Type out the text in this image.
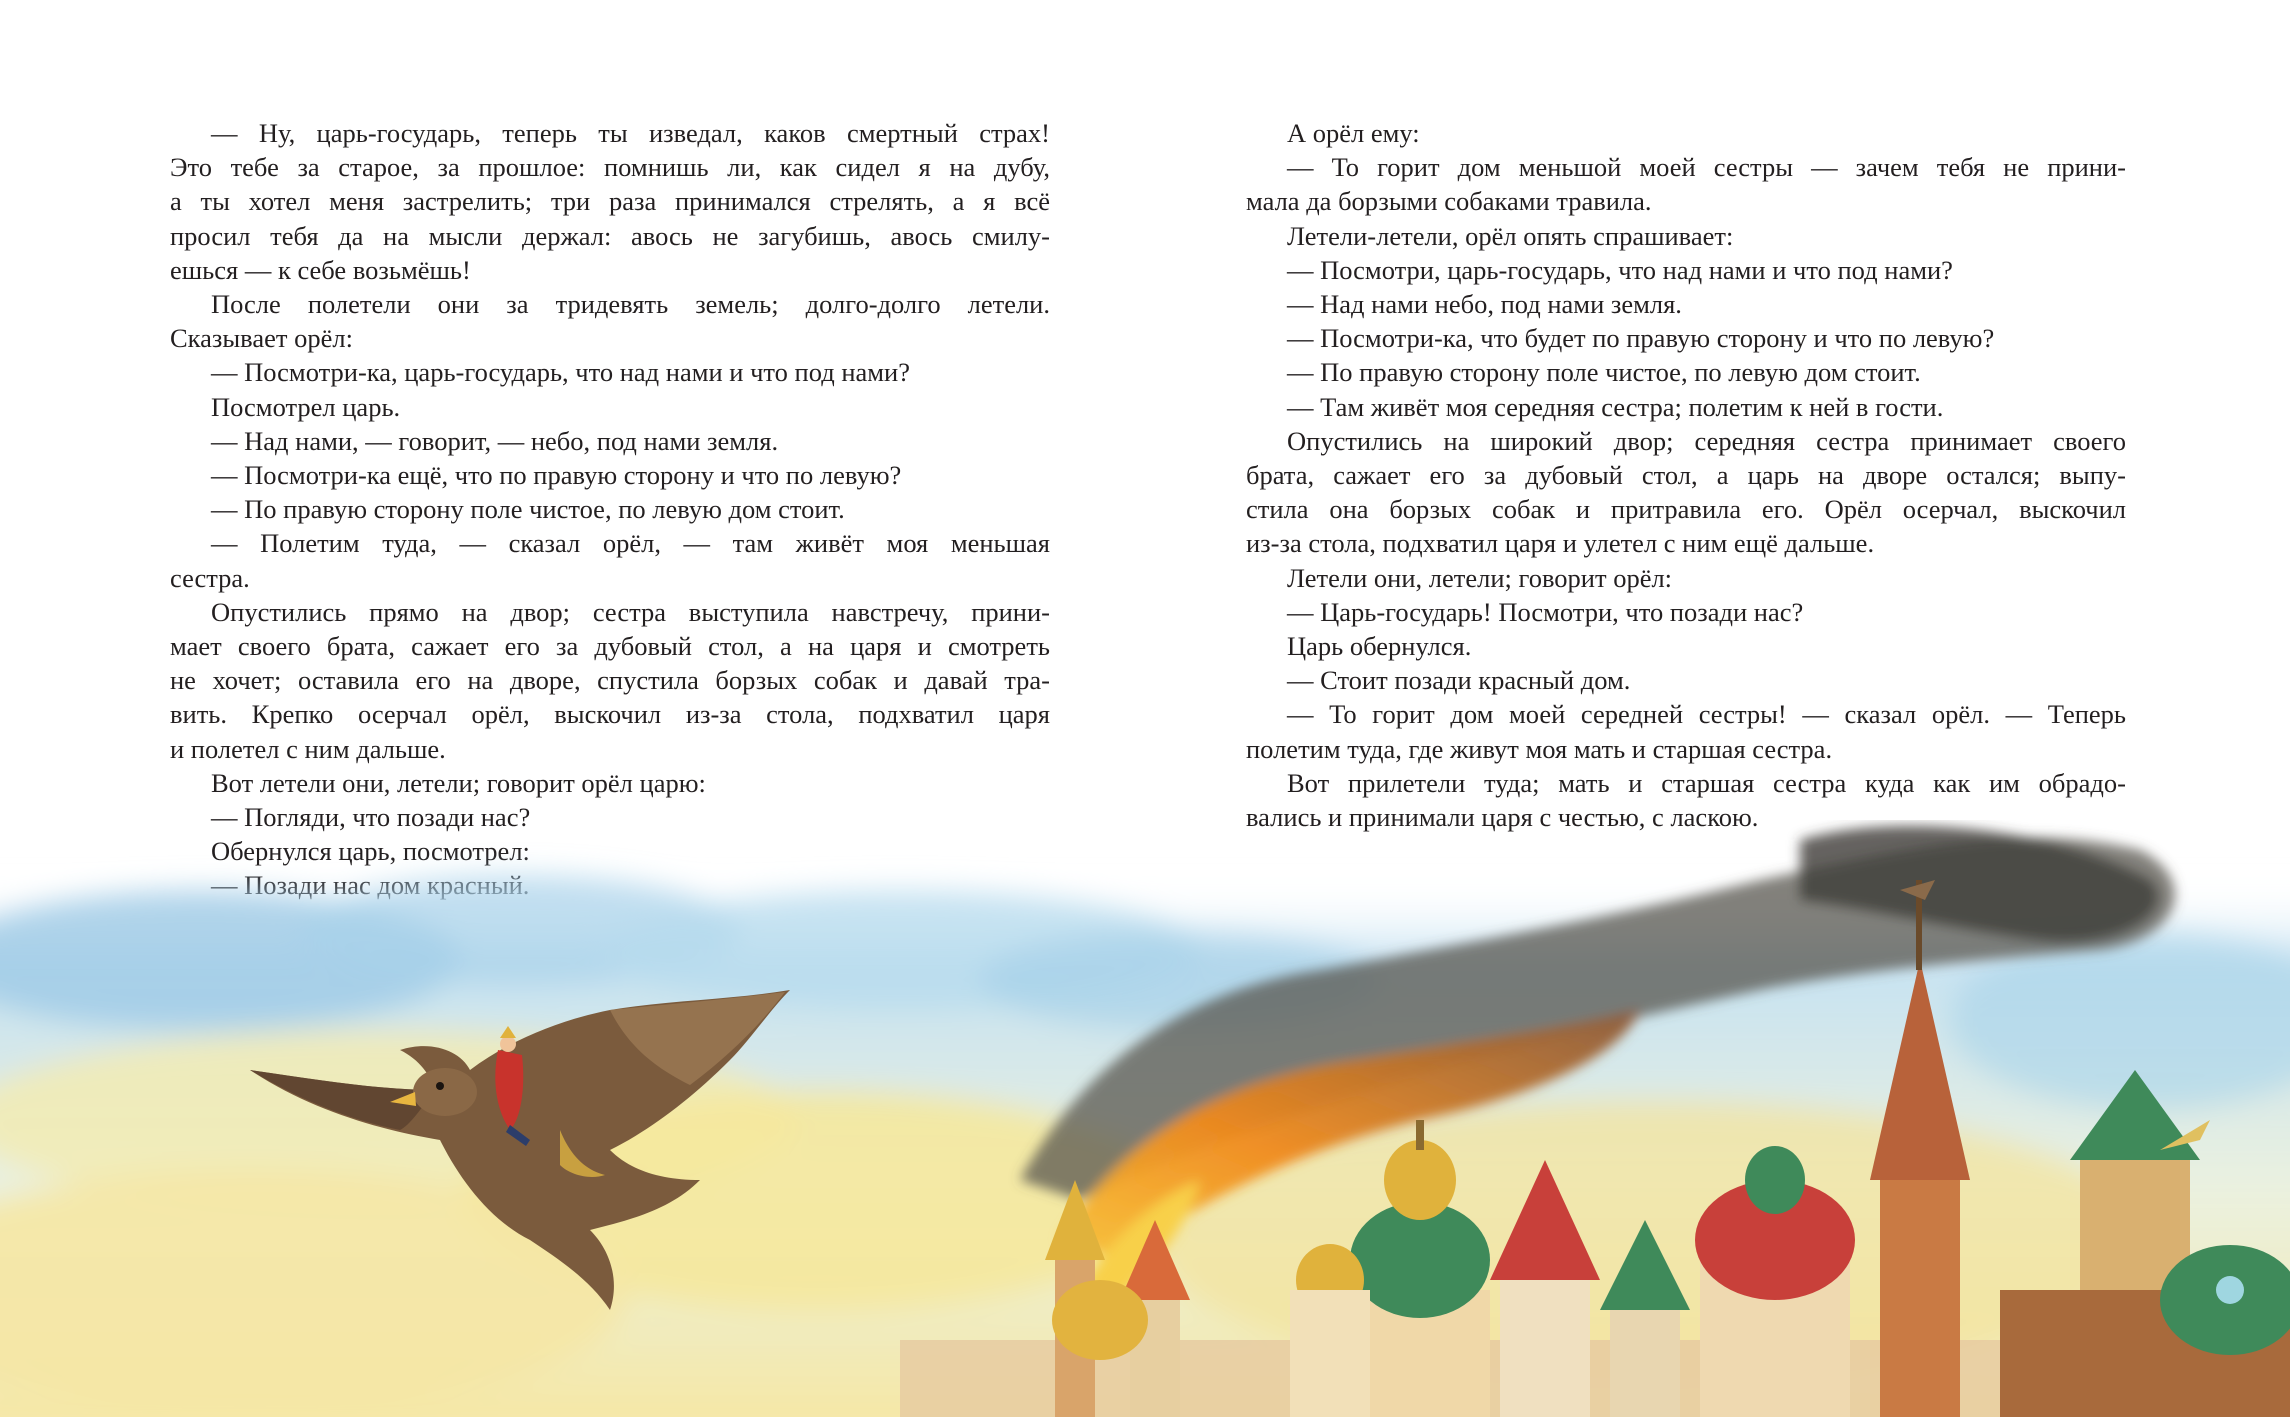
— Ну, царь-государь, теперь ты изведал, каков смертный страх!
Это тебе за старое, за прошлое: помнишь ли, как сидел я на дубу,
а ты хотел меня застрелить; три раза принимался стрелять, а я всё
просил тебя да на мысли держал: авось не загубишь, авось смилу-
ешься — к себе возьмёшь!
После полетели они за тридевять земель; долго-долго летели.
Сказывает орёл:
— Посмотри-ка, царь-государь, что над нами и что под нами?
Посмотрел царь.
— Над нами, — говорит, — небо, под нами земля.
— Посмотри-ка ещё, что по правую сторону и что по левую?
— По правую сторону поле чистое, по левую дом стоит.
— Полетим туда, — сказал орёл, — там живёт моя меньшая
сестра.
Опустились прямо на двор; сестра выступила навстречу, прини-
мает своего брата, сажает его за дубовый стол, а на царя и смотреть
не хочет; оставила его на дворе, спустила борзых собак и давай тра-
вить. Крепко осерчал орёл, выскочил из-за стола, подхватил царя
и полетел с ним дальше.
Вот летели они, летели; говорит орёл царю:
— Погляди, что позади нас?
Обернулся царь, посмотрел:
А орёл ему:
— То горит дом меньшой моей сестры — зачем тебя не прини-
мала да борзыми собаками травила.
Летели-летели, орёл опять спрашивает:
— Посмотри, царь-государь, что над нами и что под нами?
— Над нами небо, под нами земля.
— Посмотри-ка, что будет по правую сторону и что по левую?
— По правую сторону поле чистое, по левую дом стоит.
— Там живёт моя середняя сестра; полетим к ней в гости.
Опустились на широкий двор; середняя сестра принимает своего
брата, сажает его за дубовый стол, а царь на дворе остался; выпу-
стила она борзых собак и притравила его. Орёл осерчал, выскочил
из-за стола, подхватил царя и улетел с ним ещё дальше.
Летели они, летели; говорит орёл:
— Царь-государь! Посмотри, что позади нас?
Царь обернулся.
— Стоит позади красный дом.
— То горит дом моей середней сестры! — сказал орёл. — Теперь
полетим туда, где живут моя мать и старшая сестра.
Вот прилетели туда; мать и старшая сестра куда как им обрадо-
вались и принимали царя с честью, с ласкою.
